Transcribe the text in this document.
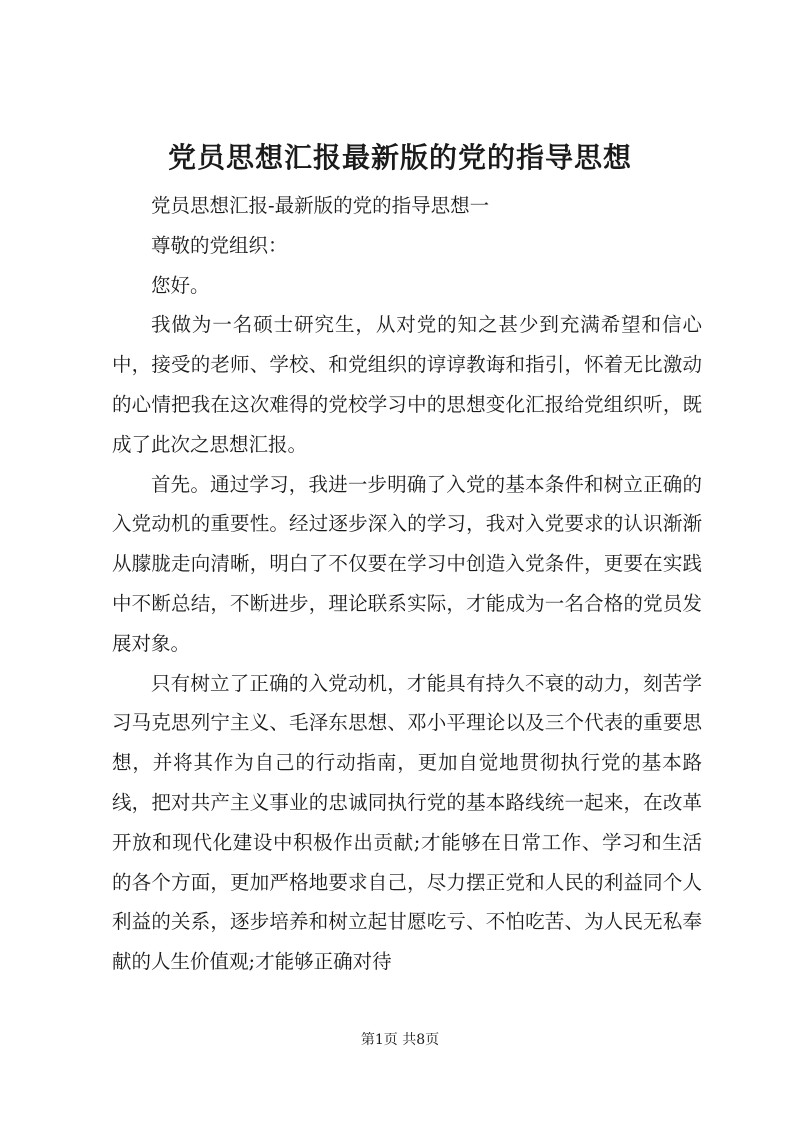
党员思想汇报最新版的党的指导思想

党员思想汇报-最新版的党的指导思想一

尊敬的党组织：

您好。

我做为一名硕士研究生，从对党的知之甚少到充满希望和信心中，接受的老师、学校、和党组织的谆谆教诲和指引，怀着无比激动的心情把我在这次难得的党校学习中的思想变化汇报给党组织听，既成了此次之思想汇报。

首先。通过学习，我进一步明确了入党的基本条件和树立正确的入党动机的重要性。经过逐步深入的学习，我对入党要求的认识渐渐从朦胧走向清晰，明白了不仅要在学习中创造入党条件，更要在实践中不断总结，不断进步，理论联系实际，才能成为一名合格的党员发展对象。

只有树立了正确的入党动机，才能具有持久不衰的动力，刻苦学习马克思列宁主义、毛泽东思想、邓小平理论以及三个代表的重要思想，并将其作为自己的行动指南，更加自觉地贯彻执行党的基本路线，把对共产主义事业的忠诚同执行党的基本路线统一起来，在改革开放和现代化建设中积极作出贡献;才能够在日常工作、学习和生活的各个方面，更加严格地要求自己，尽力摆正党和人民的利益同个人利益的关系，逐步培养和树立起甘愿吃亏、不怕吃苦、为人民无私奉献的人生价值观;才能够正确对待

第1页 共8页
